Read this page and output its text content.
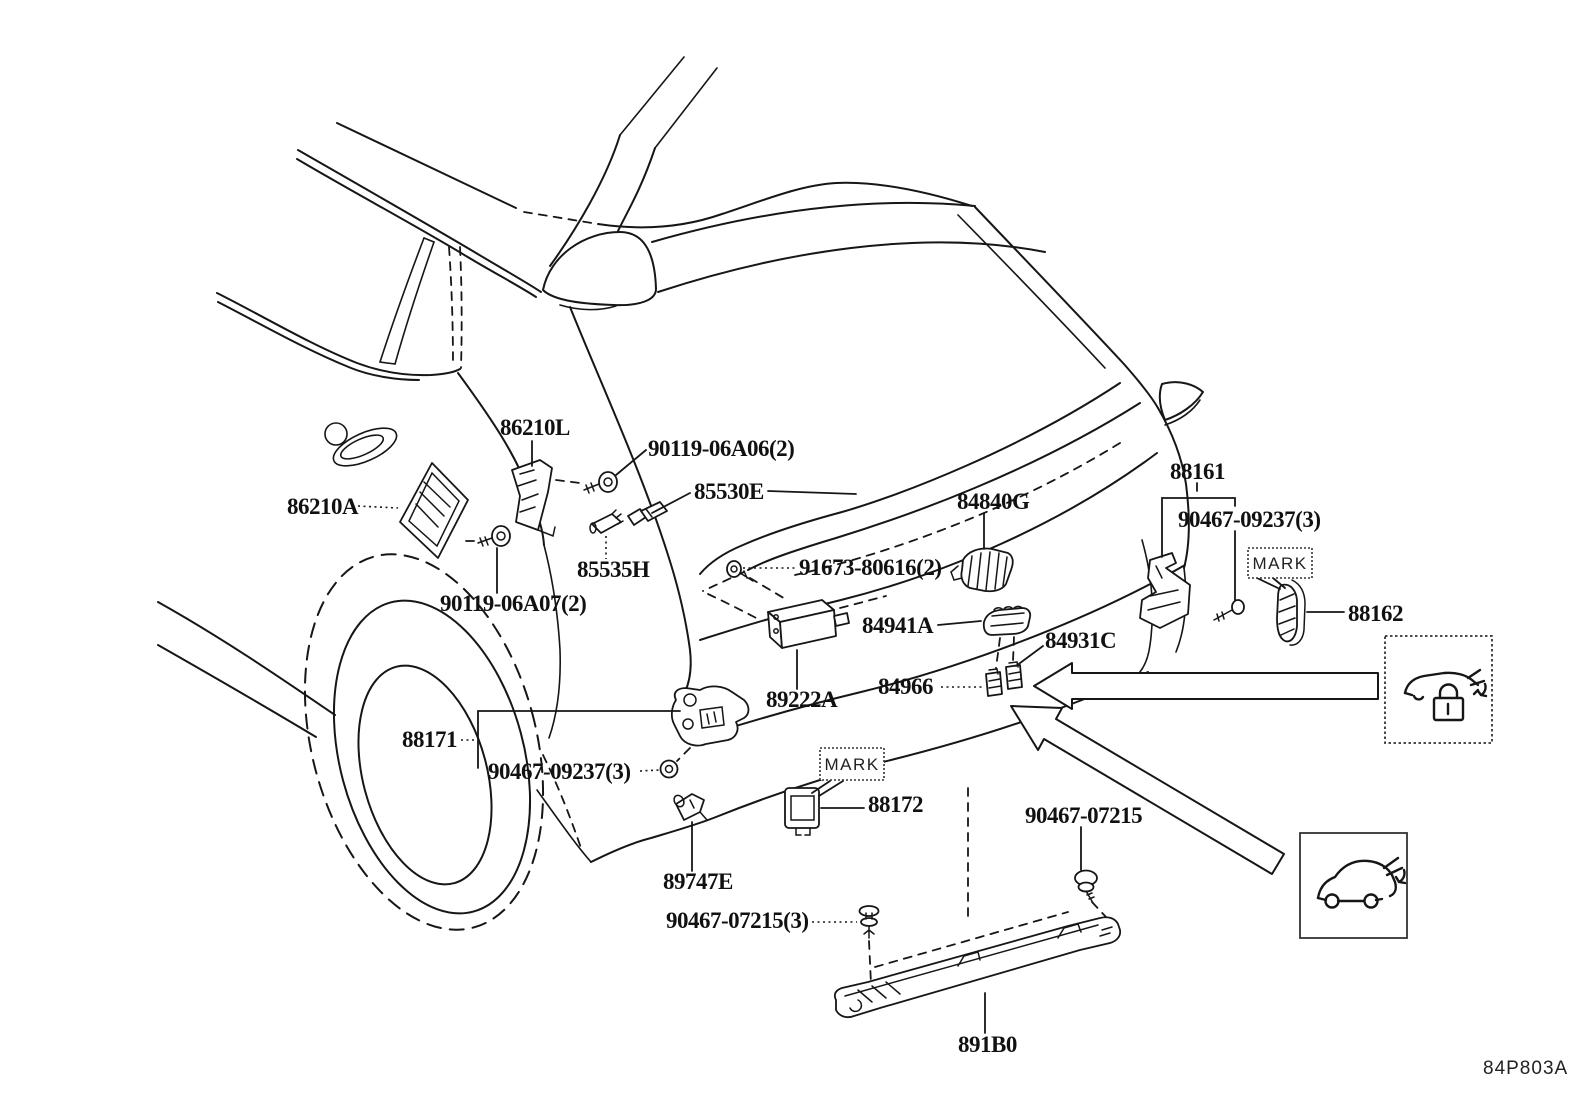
MARK
MARK
86210L
90119-06A06(2)
86210A
85530E
85535H
90119-06A07(2)
91673-80616(2)
84840G
88161
90467-09237(3)
88162
84941A
84931C
84966
89222A
88171
90467-09237(3)
88172
89747E
90467-07215
90467-07215(3)
891B0
84P803A
